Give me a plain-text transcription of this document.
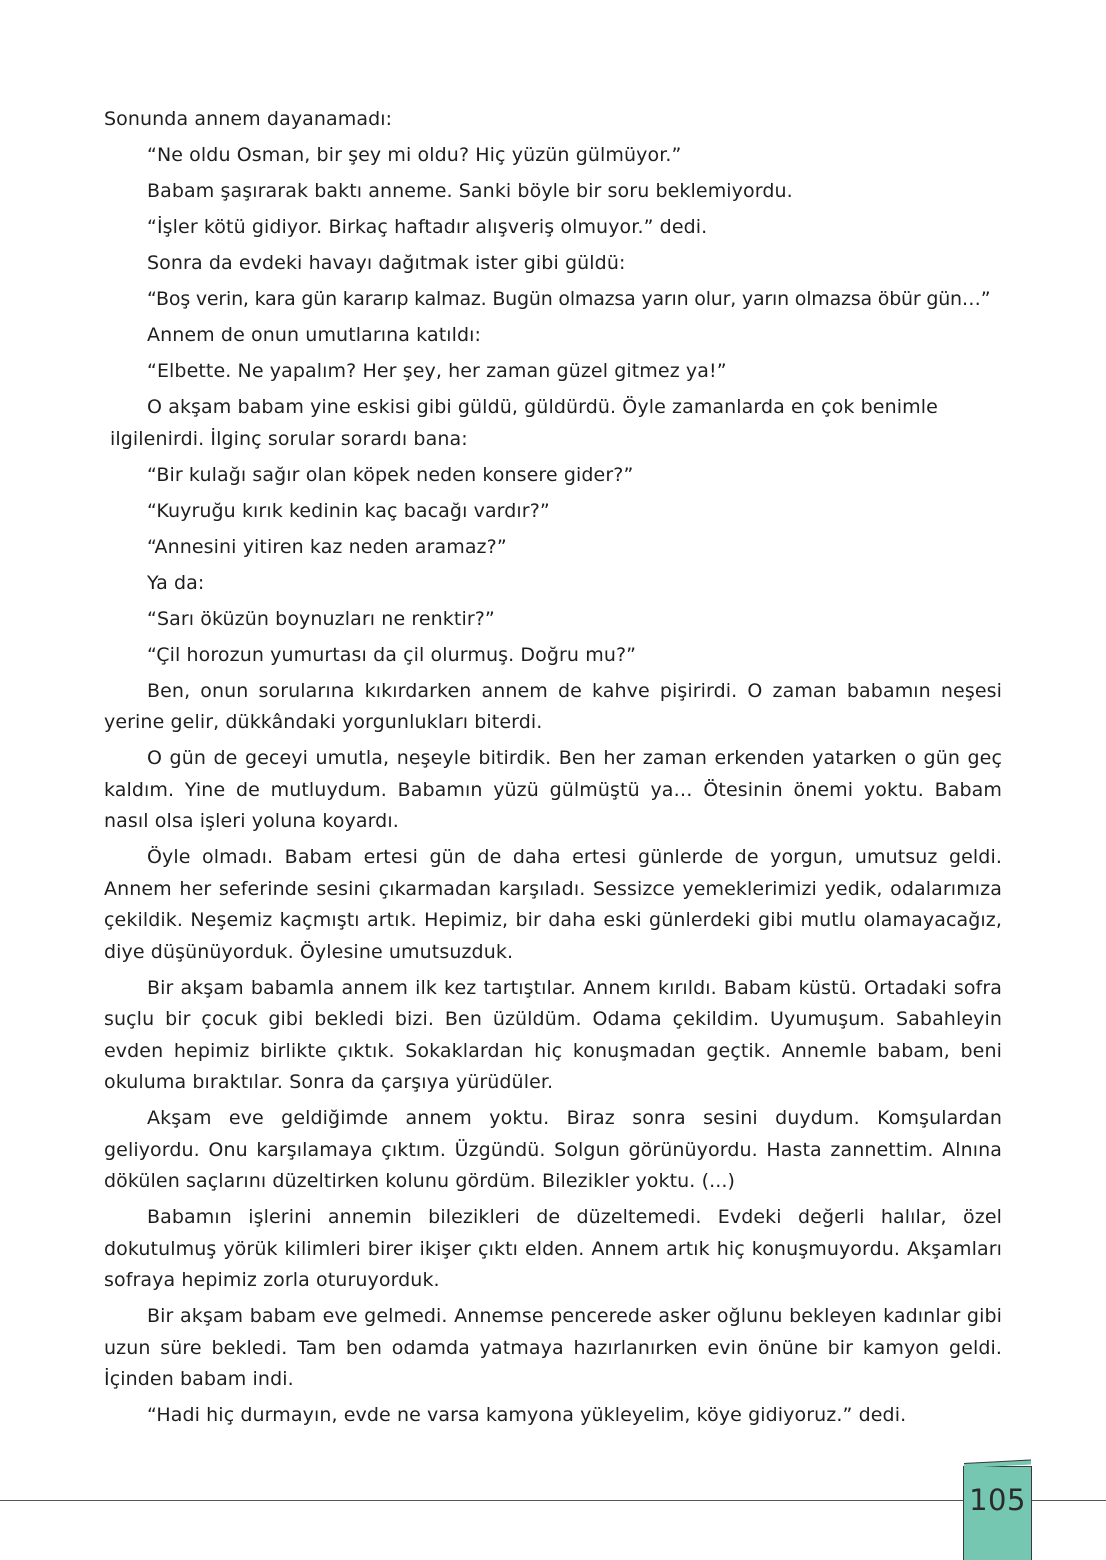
Sonunda annem dayanamadı:

“Ne oldu Osman, bir şey mi oldu? Hiç yüzün gülmüyor.”

Babam şaşırarak baktı anneme. Sanki böyle bir soru beklemiyordu.

“İşler kötü gidiyor. Birkaç haftadır alışveriş olmuyor.” dedi.

Sonra da evdeki havayı dağıtmak ister gibi güldü:

“Boş verin, kara gün kararıp kalmaz. Bugün olmazsa yarın olur, yarın olmazsa öbür gün…”

Annem de onun umutlarına katıldı:

“Elbette. Ne yapalım? Her şey, her zaman güzel gitmez ya!”

O akşam babam yine eskisi gibi güldü, güldürdü. Öyle zamanlarda en çok benimle ilgilenirdi. İlginç sorular sorardı bana:

“Bir kulağı sağır olan köpek neden konsere gider?”

“Kuyruğu kırık kedinin kaç bacağı vardır?”

“Annesini yitiren kaz neden aramaz?”

Ya da:

“Sarı öküzün boynuzları ne renktir?”

“Çil horozun yumurtası da çil olurmuş. Doğru mu?”

Ben, onun sorularına kıkırdarken annem de kahve pişirirdi. O zaman babamın neşesi yerine gelir, dükkândaki yorgunlukları biterdi.

O gün de geceyi umutla, neşeyle bitirdik. Ben her zaman erkenden yatarken o gün geç kaldım. Yine de mutluydum. Babamın yüzü gülmüştü ya… Ötesinin önemi yoktu. Babam nasıl olsa işleri yoluna koyardı.

Öyle olmadı. Babam ertesi gün de daha ertesi günlerde de yorgun, umutsuz geldi. Annem her seferinde sesini çıkarmadan karşıladı. Sessizce yemeklerimizi yedik, odalarımıza çekildik. Neşemiz kaçmıştı artık. Hepimiz, bir daha eski günlerdeki gibi mutlu olamayacağız, diye düşünüyorduk. Öylesine umutsuzduk.

Bir akşam babamla annem ilk kez tartıştılar. Annem kırıldı. Babam küstü. Ortadaki sofra suçlu bir çocuk gibi bekledi bizi. Ben üzüldüm. Odama çekildim. Uyumuşum. Sabahleyin evden hepimiz birlikte çıktık. Sokaklardan hiç konuşmadan geçtik. Annemle babam, beni okuluma bıraktılar. Sonra da çarşıya yürüdüler.

Akşam eve geldiğimde annem yoktu. Biraz sonra sesini duydum. Komşulardan geliyordu. Onu karşılamaya çıktım. Üzgündü. Solgun görünüyordu. Hasta zannettim. Alnına dökülen saçlarını düzeltirken kolunu gördüm. Bilezikler yoktu. (...)

Babamın işlerini annemin bilezikleri de düzeltemedi. Evdeki değerli halılar, özel dokutulmuş yörük kilimleri birer ikişer çıktı elden. Annem artık hiç konuşmuyordu. Akşamları sofraya hepimiz zorla oturuyorduk.

Bir akşam babam eve gelmedi. Annemse pencerede asker oğlunu bekleyen kadınlar gibi uzun süre bekledi. Tam ben odamda yatmaya hazırlanırken evin önüne bir kamyon geldi. İçinden babam indi.

“Hadi hiç durmayın, evde ne varsa kamyona yükleyelim, köye gidiyoruz.” dedi.

105
